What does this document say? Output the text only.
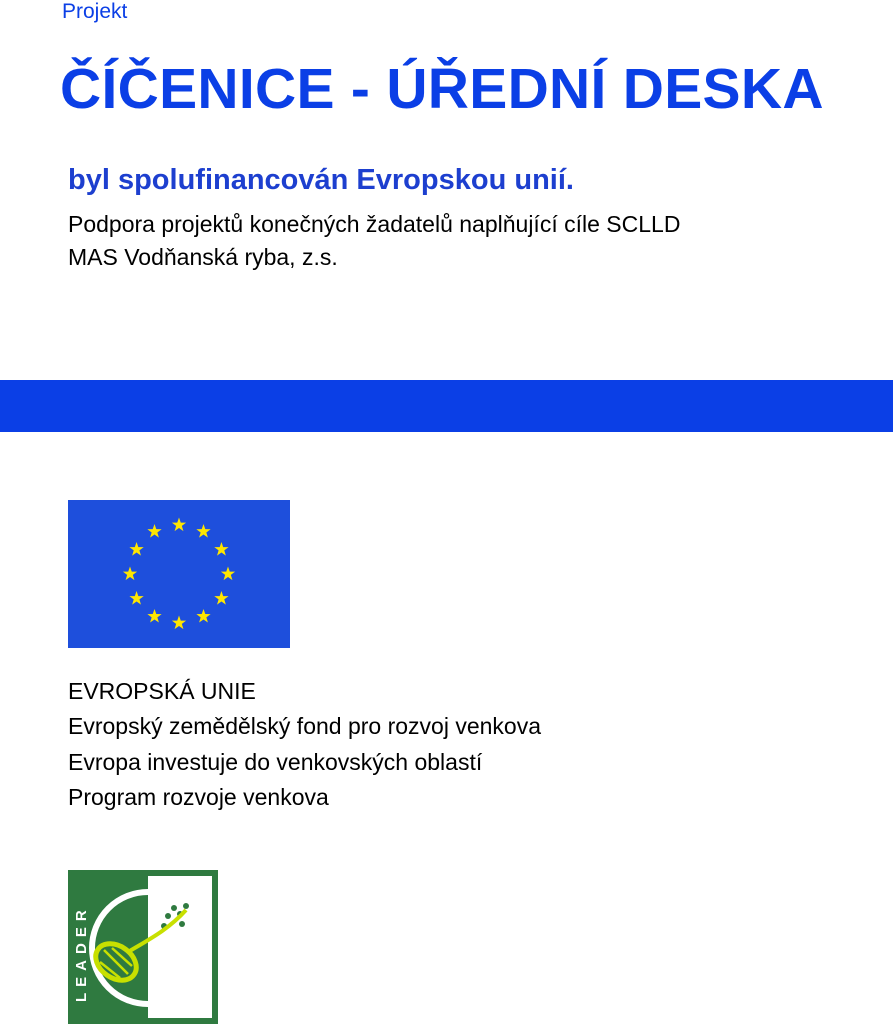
Projekt

ČÍČENICE - ÚŘEDNÍ DESKA

byl spolufinancován Evropskou unií.

Podpora projektů konečných žadatelů naplňující cíle SCLLD

MAS Vodňanská ryba, z.s.

EVROPSKÁ UNIE

Evropský zemědělský fond pro rozvoj venkova

Evropa investuje do venkovských oblastí

Program rozvoje venkova

LEADER
